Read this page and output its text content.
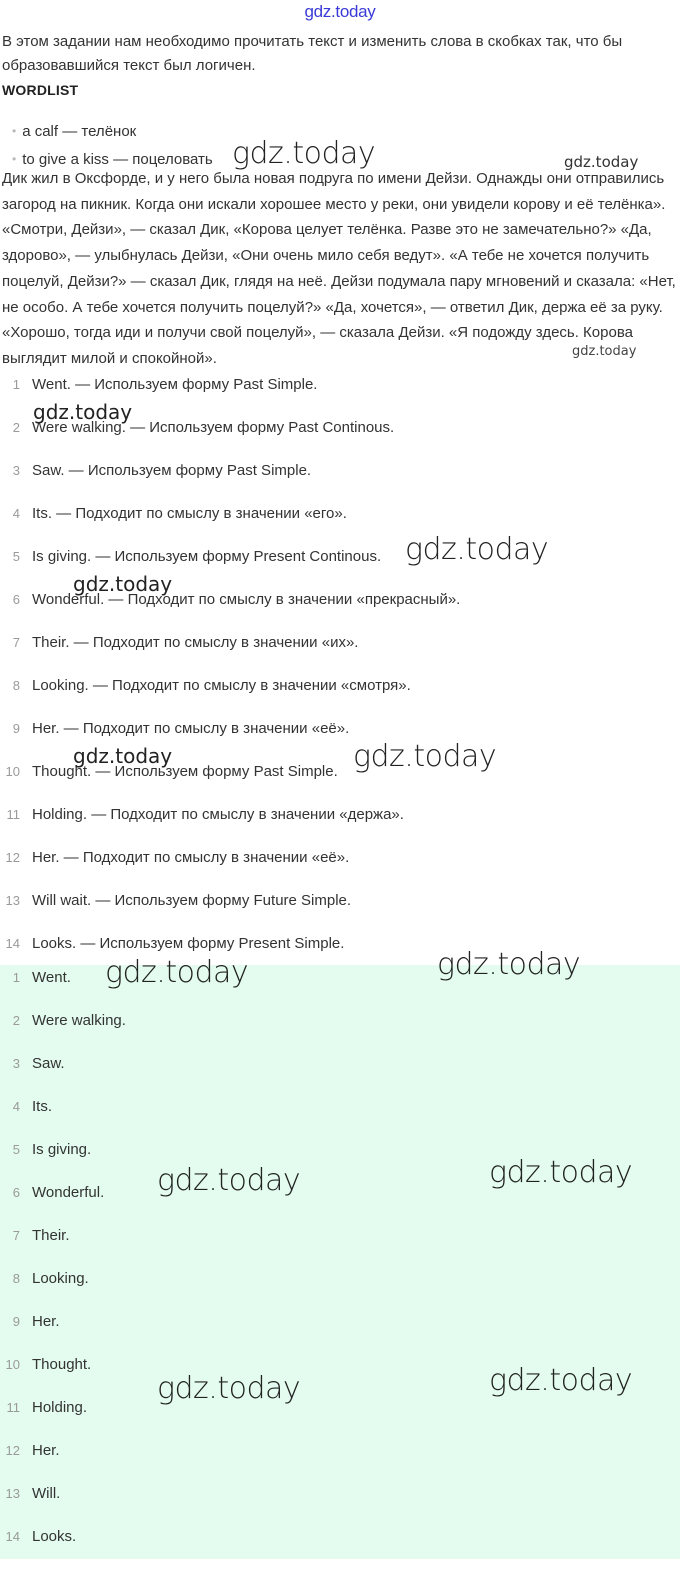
gdz.today

В этом задании нам необходимо прочитать текст и изменить слова в скобках так, что бы образовавшийся текст был логичен.

WORDLIST
• a calf — телёнок
• to give a kiss — поцеловать

Дик жил в Оксфорде, и у него была новая подруга по имени Дейзи. Однажды они отправились загород на пикник. Когда они искали хорошее место у реки, они увидели корову и её телёнка». «Смотри, Дейзи», — сказал Дик, «Корова целует телёнка. Разве это не замечательно?» «Да, здорово», — улыбнулась Дейзи, «Они очень мило себя ведут». «А тебе не хочется получить поцелуй, Дейзи?» — сказал Дик, глядя на неё. Дейзи подумала пару мгновений и сказала: «Нет, не особо. А тебе хочется получить поцелуй?» «Да, хочется», — ответил Дик, держа её за руку. «Хорошо, тогда иди и получи свой поцелуй», — сказала Дейзи. «Я подожду здесь. Корова выглядит милой и спокойной».

1 Went. — Используем форму Past Simple.
2 Were walking. — Используем форму Past Continous.
3 Saw. — Используем форму Past Simple.
4 Its. — Подходит по смыслу в значении «его».
5 Is giving. — Используем форму Present Continous.
6 Wonderful. — Подходит по смыслу в значении «прекрасный».
7 Their. — Подходит по смыслу в значении «их».
8 Looking. — Подходит по смыслу в значении «смотря».
9 Her. — Подходит по смыслу в значении «её».
10 Thought. — Используем форму Past Simple.
11 Holding. — Подходит по смыслу в значении «держа».
12 Her. — Подходит по смыслу в значении «её».
13 Will wait. — Используем форму Future Simple.
14 Looks. — Используем форму Present Simple.
1 Went.
2 Were walking.
3 Saw.
4 Its.
5 Is giving.
6 Wonderful.
7 Their.
8 Looking.
9 Her.
10 Thought.
11 Holding.
12 Her.
13 Will.
14 Looks.
gdz.today	gdz.today
gdz.today
gdz.today
gdz.today
gdz.today
gdz.today	gdz.today
gdz.today	gdz.today
gdz.today	gdz.today
gdz.today	gdz.today
